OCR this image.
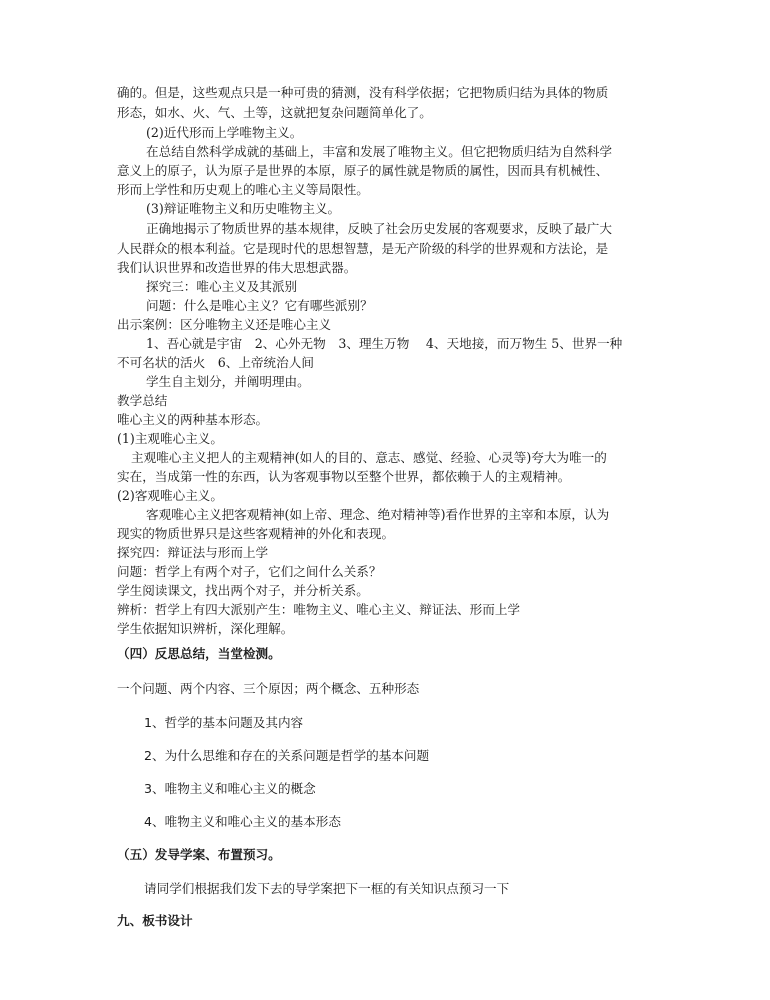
确的。但是，这些观点只是一种可贵的猜测，没有科学依据；它把物质归结为具体的物质
形态，如水、火、气、土等，这就把复杂问题简单化了。
(2)近代形而上学唯物主义。
在总结自然科学成就的基础上，丰富和发展了唯物主义。但它把物质归结为自然科学
意义上的原子，认为原子是世界的本原，原子的属性就是物质的属性，因而具有机械性、
形而上学性和历史观上的唯心主义等局限性。
(3)辩证唯物主义和历史唯物主义。
正确地揭示了物质世界的基本规律，反映了社会历史发展的客观要求，反映了最广大
人民群众的根本利益。它是现时代的思想智慧，是无产阶级的科学的世界观和方法论，是
我们认识世界和改造世界的伟大思想武器。
探究三：唯心主义及其派别
问题：什么是唯心主义？它有哪些派别？
出示案例：区分唯物主义还是唯心主义
1、吾心就是宇宙　2、心外无物　3、理生万物　 4、天地接，而万物生 5、世界一种
不可名状的活火　6、上帝统治人间
学生自主划分，并阐明理由。
教学总结
唯心主义的两种基本形态。
(1)主观唯心主义。
主观唯心主义把人的主观精神(如人的目的、意志、感觉、经验、心灵等)夸大为唯一的
实在，当成第一性的东西，认为客观事物以至整个世界，都依赖于人的主观精神。
(2)客观唯心主义。
客观唯心主义把客观精神(如上帝、理念、绝对精神等)看作世界的主宰和本原，认为
现实的物质世界只是这些客观精神的外化和表现。
探究四：辩证法与形而上学
问题：哲学上有两个对子，它们之间什么关系？
学生阅读课文，找出两个对子，并分析关系。
辨析：哲学上有四大派别产生：唯物主义、唯心主义、辩证法、形而上学
学生依据知识辨析，深化理解。
（四）反思总结，当堂检测。
一个问题、两个内容、三个原因；两个概念、五种形态
1、哲学的基本问题及其内容
2、为什么思维和存在的关系问题是哲学的基本问题
3、唯物主义和唯心主义的概念
4、唯物主义和唯心主义的基本形态
（五）发导学案、布置预习。
请同学们根据我们发下去的导学案把下一框的有关知识点预习一下
九、板书设计
